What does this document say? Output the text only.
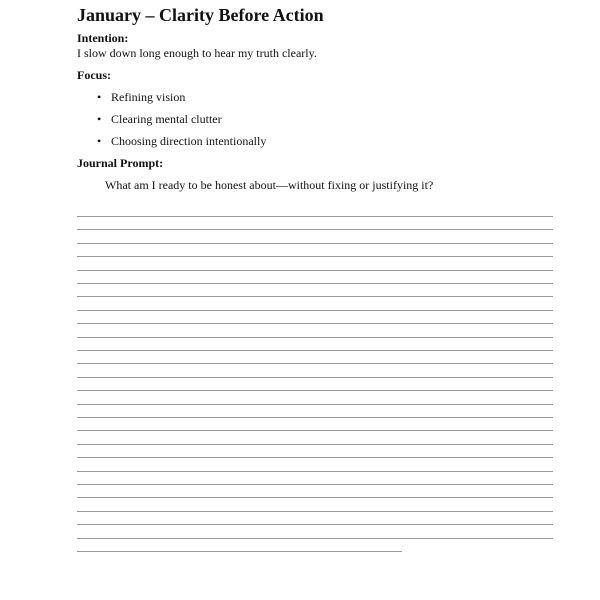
January – Clarity Before Action
Intention:
I slow down long enough to hear my truth clearly.
Focus:
• Refining vision
• Clearing mental clutter
• Choosing direction intentionally
Journal Prompt:
What am I ready to be honest about—without fixing or justifying it?
